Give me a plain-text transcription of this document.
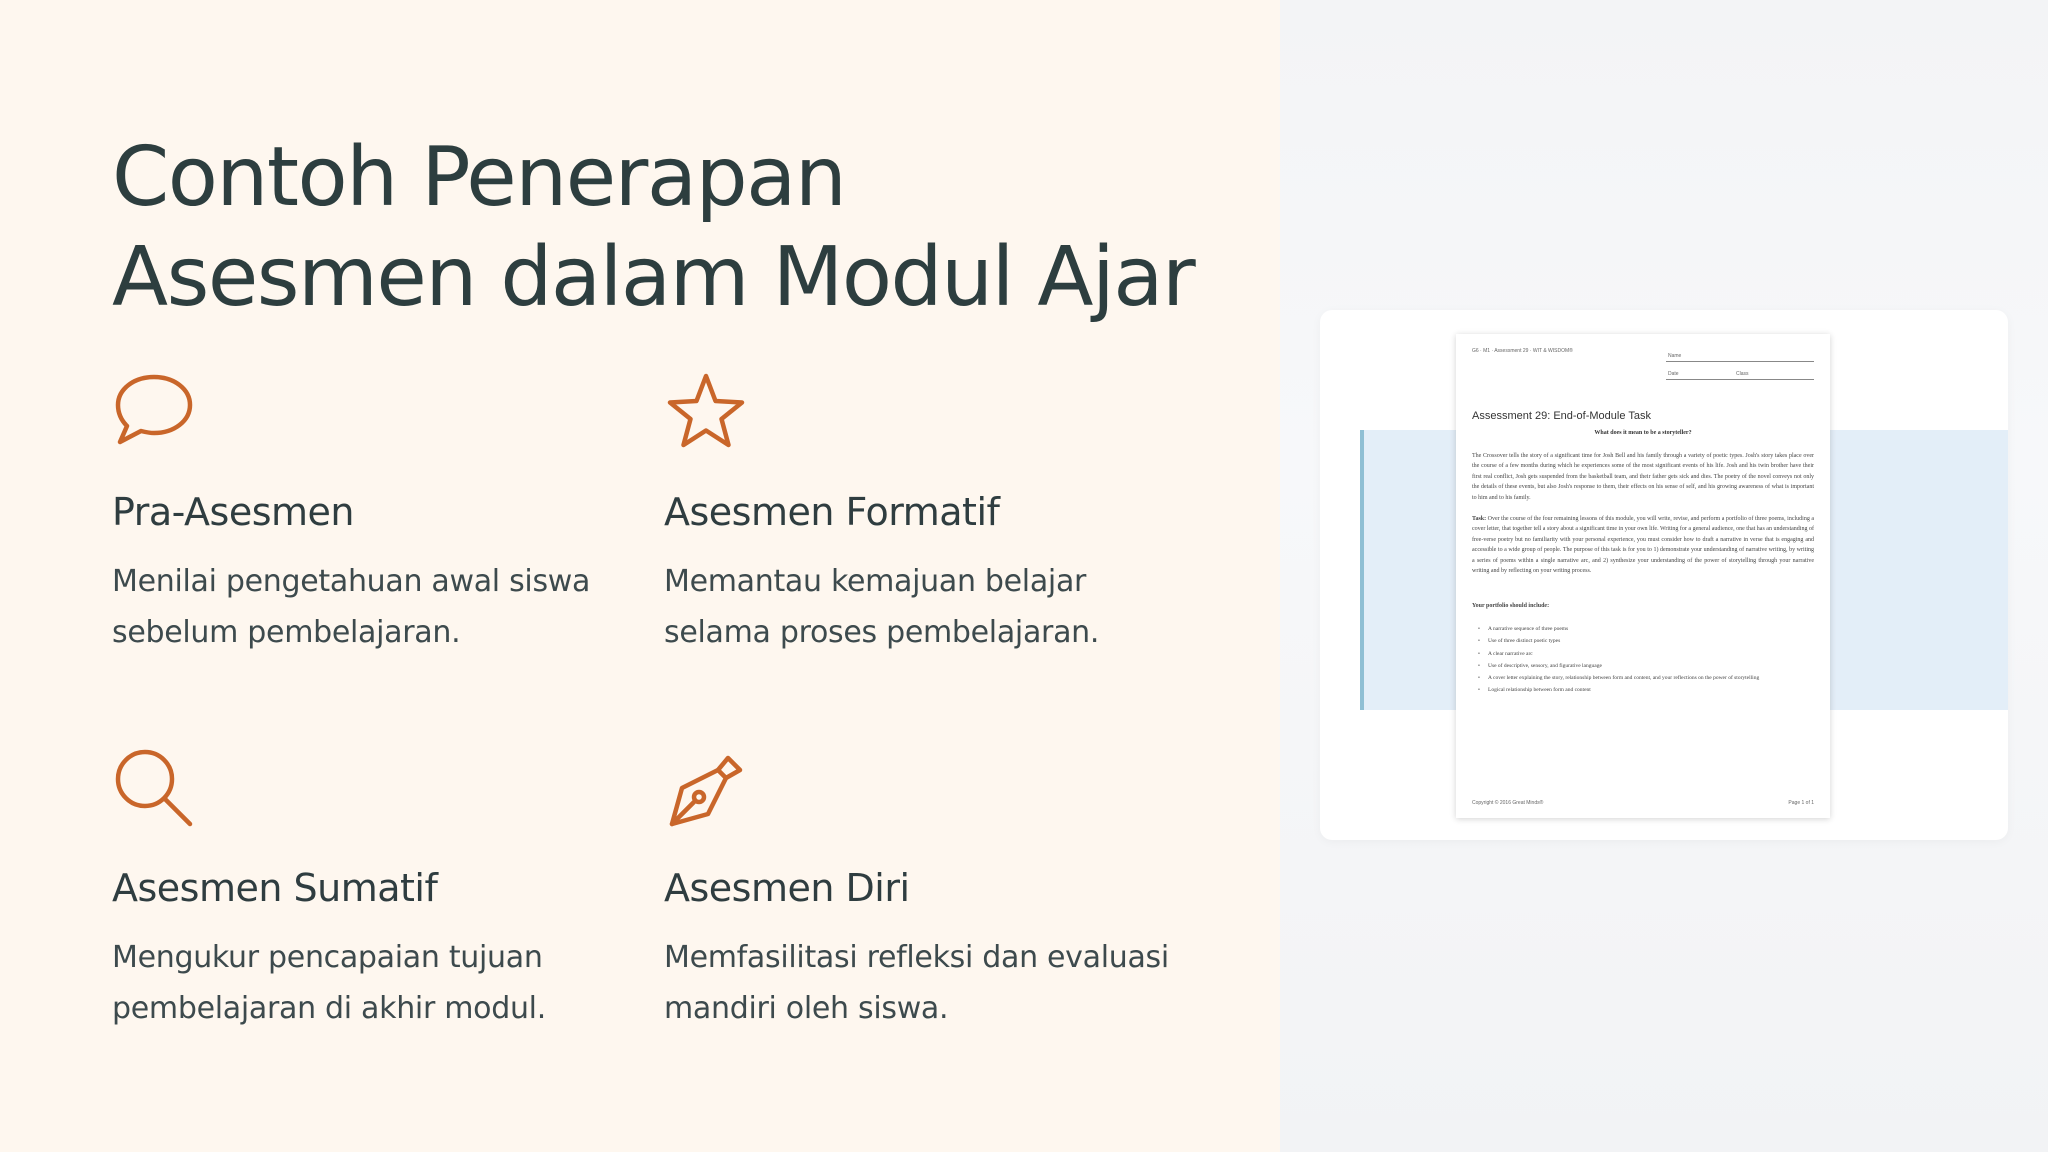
Contoh Penerapan Asesmen dalam Modul Ajar
Pra-Asesmen

Menilai pengetahuan awal siswa sebelum pembelajaran.

Asesmen Formatif

Memantau kemajuan belajar selama proses pembelajaran.

Asesmen Sumatif

Mengukur pencapaian tujuan pembelajaran di akhir modul.

Asesmen Diri

Memfasilitasi refleksi dan evaluasi mandiri oleh siswa.

G6 · M1 · Assessment 29 · WIT & WISDOM®
Name
Date	Class
Assessment 29: End-of-Module Task
What does it mean to be a storyteller?
The Crossover tells the story of a significant time for Josh Bell and his family through a variety of poetic types. Josh's story takes place over the course of a few months during which he experiences some of the most significant events of his life. Josh and his twin brother have their first real conflict, Josh gets suspended from the basketball team, and their father gets sick and dies. The poetry of the novel conveys not only the details of these events, but also Josh's response to them, their effects on his sense of self, and his growing awareness of what is important to him and to his family.
Task: Over the course of the four remaining lessons of this module, you will write, revise, and perform a portfolio of three poems, including a cover letter, that together tell a story about a significant time in your own life. Writing for a general audience, one that has an understanding of free-verse poetry but no familiarity with your personal experience, you must consider how to draft a narrative in verse that is engaging and accessible to a wide group of people. The purpose of this task is for you to 1) demonstrate your understanding of narrative writing, by writing a series of poems within a single narrative arc, and 2) synthesize your understanding of the power of storytelling through your narrative writing and by reflecting on your writing process.
Your portfolio should include:
• A narrative sequence of three poems
• Use of three distinct poetic types
• A clear narrative arc
• Use of descriptive, sensory, and figurative language
• A cover letter explaining the story, relationship between form and content, and your reflections on the power of storytelling
• Logical relationship between form and content
Copyright © 2016 Great Minds®	Page 1 of 1
